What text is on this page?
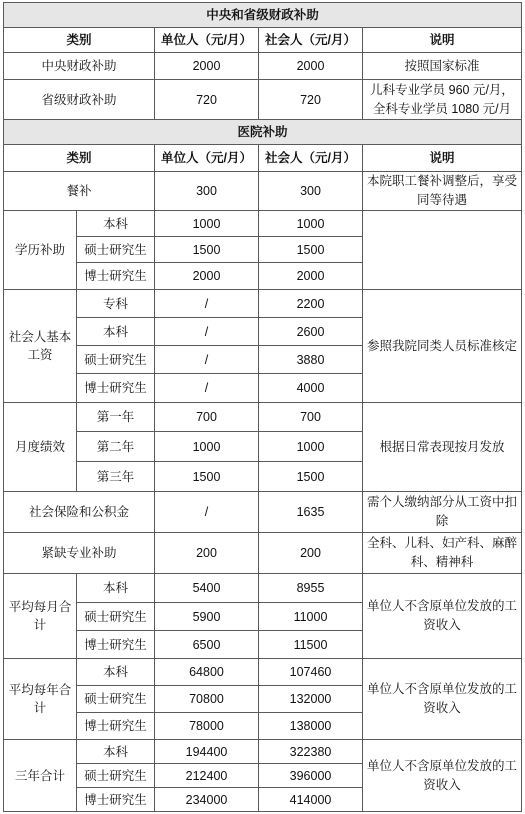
中央和省级财政补助				
类别		单位人（元/月）	社会人（元/月）	说明
中央财政补助		2000	2000	按照国家标准
省级财政补助		720	720	儿科专业学员 960 元/月，全科专业学员 1080 元/月
医院补助				
类别		单位人（元/月）	社会人（元/月）	说明
餐补		300	300	本院职工餐补调整后，享受同等待遇
学历补助	本科	1000	1000	
	硕士研究生	1500	1500	
	博士研究生	2000	2000	
社会人基本工资	专科	/	2200	参照我院同类人员标准核定
	本科	/	2600	
	硕士研究生	/	3880	
	博士研究生	/	4000	
月度绩效	第一年	700	700	根据日常表现按月发放
	第二年	1000	1000	
	第三年	1500	1500	
社会保险和公积金		/	1635	需个人缴纳部分从工资中扣除
紧缺专业补助		200	200	全科、儿科、妇产科、麻醉科、精神科
平均每月合计	本科	5400	8955	单位人不含原单位发放的工资收入
	硕士研究生	5900	11000	
	博士研究生	6500	11500	
平均每年合计	本科	64800	107460	单位人不含原单位发放的工资收入
	硕士研究生	70800	132000	
	博士研究生	78000	138000	
三年合计	本科	194400	322380	单位人不含原单位发放的工资收入
	硕士研究生	212400	396000	
	博士研究生	234000	414000	
